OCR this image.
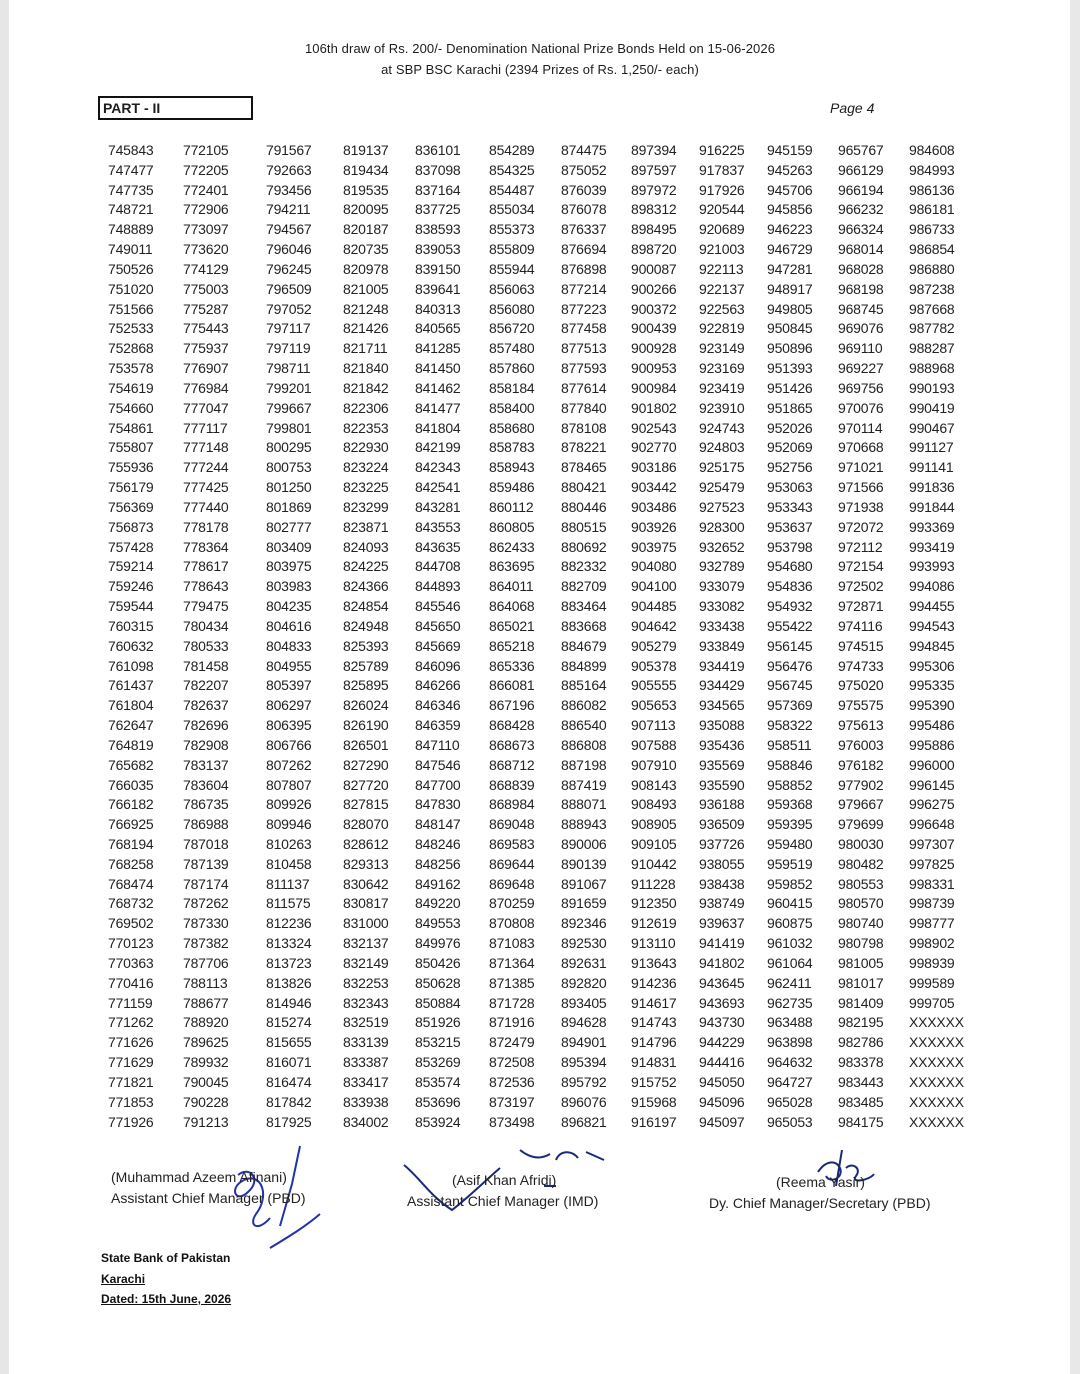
106th draw of Rs. 200/- Denomination National Prize Bonds Held on 15-06-2026
at SBP BSC Karachi (2394 Prizes of Rs. 1,250/- each)
PART - II	Page 4
745843
747477
747735
748721
748889
749011
750526
751020
751566
752533
752868
753578
754619
754660
754861
755807
755936
756179
756369
756873
757428
759214
759246
759544
760315
760632
761098
761437
761804
762647
764819
765682
766035
766182
766925
768194
768258
768474
768732
769502
770123
770363
770416
771159
771262
771626
771629
771821
771853
771926
772105
772205
772401
772906
773097
773620
774129
775003
775287
775443
775937
776907
776984
777047
777117
777148
777244
777425
777440
778178
778364
778617
778643
779475
780434
780533
781458
782207
782637
782696
782908
783137
783604
786735
786988
787018
787139
787174
787262
787330
787382
787706
788113
788677
788920
789625
789932
790045
790228
791213
791567
792663
793456
794211
794567
796046
796245
796509
797052
797117
797119
798711
799201
799667
799801
800295
800753
801250
801869
802777
803409
803975
803983
804235
804616
804833
804955
805397
806297
806395
806766
807262
807807
809926
809946
810263
810458
811137
811575
812236
813324
813723
813826
814946
815274
815655
816071
816474
817842
817925
819137
819434
819535
820095
820187
820735
820978
821005
821248
821426
821711
821840
821842
822306
822353
822930
823224
823225
823299
823871
824093
824225
824366
824854
824948
825393
825789
825895
826024
826190
826501
827290
827720
827815
828070
828612
829313
830642
830817
831000
832137
832149
832253
832343
832519
833139
833387
833417
833938
834002
836101
837098
837164
837725
838593
839053
839150
839641
840313
840565
841285
841450
841462
841477
841804
842199
842343
842541
843281
843553
843635
844708
844893
845546
845650
845669
846096
846266
846346
846359
847110
847546
847700
847830
848147
848246
848256
849162
849220
849553
849976
850426
850628
850884
851926
853215
853269
853574
853696
853924
854289
854325
854487
855034
855373
855809
855944
856063
856080
856720
857480
857860
858184
858400
858680
858783
858943
859486
860112
860805
862433
863695
864011
864068
865021
865218
865336
866081
867196
868428
868673
868712
868839
868984
869048
869583
869644
869648
870259
870808
871083
871364
871385
871728
871916
872479
872508
872536
873197
873498
874475
875052
876039
876078
876337
876694
876898
877214
877223
877458
877513
877593
877614
877840
878108
878221
878465
880421
880446
880515
880692
882332
882709
883464
883668
884679
884899
885164
886082
886540
886808
887198
887419
888071
888943
890006
890139
891067
891659
892346
892530
892631
892820
893405
894628
894901
895394
895792
896076
896821
897394
897597
897972
898312
898495
898720
900087
900266
900372
900439
900928
900953
900984
901802
902543
902770
903186
903442
903486
903926
903975
904080
904100
904485
904642
905279
905378
905555
905653
907113
907588
907910
908143
908493
908905
909105
910442
911228
912350
912619
913110
913643
914236
914617
914743
914796
914831
915752
915968
916197
916225
917837
917926
920544
920689
921003
922113
922137
922563
922819
923149
923169
923419
923910
924743
924803
925175
925479
927523
928300
932652
932789
933079
933082
933438
933849
934419
934429
934565
935088
935436
935569
935590
936188
936509
937726
938055
938438
938749
939637
941419
941802
943645
943693
943730
944229
944416
945050
945096
945097
945159
945263
945706
945856
946223
946729
947281
948917
949805
950845
950896
951393
951426
951865
952026
952069
952756
953063
953343
953637
953798
954680
954836
954932
955422
956145
956476
956745
957369
958322
958511
958846
958852
959368
959395
959480
959519
959852
960415
960875
961032
961064
962411
962735
963488
963898
964632
964727
965028
965053
965767
966129
966194
966232
966324
968014
968028
968198
968745
969076
969110
969227
969756
970076
970114
970668
971021
971566
971938
972072
972112
972154
972502
972871
974116
974515
974733
975020
975575
975613
976003
976182
977902
979667
979699
980030
980482
980553
980570
980740
980798
981005
981017
981409
982195
982786
983378
983443
983485
984175
984608
984993
986136
986181
986733
986854
986880
987238
987668
987782
988287
988968
990193
990419
990467
991127
991141
991836
991844
993369
993419
993993
994086
994455
994543
994845
995306
995335
995390
995486
995886
996000
996145
996275
996648
997307
997825
998331
998739
998777
998902
998939
999589
999705
XXXXXX
XXXXXX
XXXXXX
XXXXXX
XXXXXX
XXXXXX
(Muhammad Azeem Afinani)
Assistant Chief Manager (PBD)
(Asif Khan Afridi)
Assistant Chief Manager (IMD)
(Reema Yasir)
Dy. Chief Manager/Secretary (PBD)
State Bank of Pakistan
Karachi
Dated: 15th June, 2026
